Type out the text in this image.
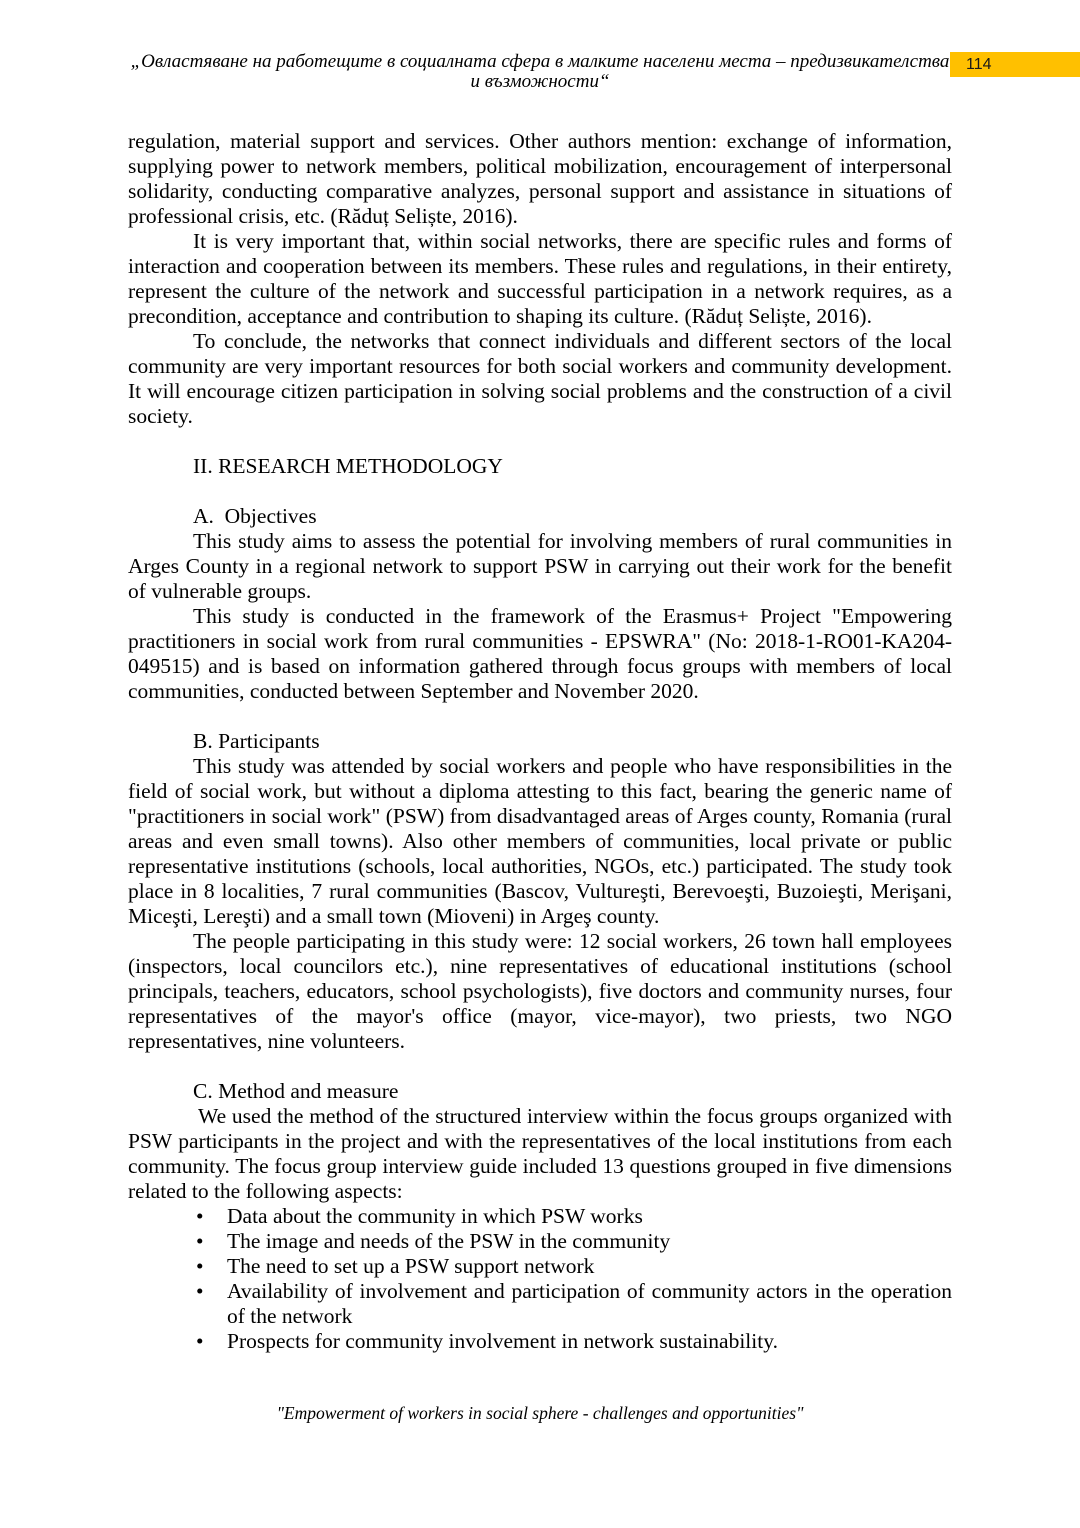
„Овластяване на работещите в социалната сфера в малките населени места – предизвикателства
и възможности“
114
regulation, material support and services. Other authors mention: exchange of information,
supplying power to network members, political mobilization, encouragement of interpersonal
solidarity, conducting comparative analyzes, personal support and assistance in situations of
professional crisis, etc. (Răduț Seliște, 2016).
It is very important that, within social networks, there are specific rules and forms of
interaction and cooperation between its members. These rules and regulations, in their entirety,
represent the culture of the network and successful participation in a network requires, as a
precondition, acceptance and contribution to shaping its culture. (Răduț Seliște, 2016).
To conclude, the networks that connect individuals and different sectors of the local
community are very important resources for both social workers and community development.
It will encourage citizen participation in solving social problems and the construction of a civil
society.
II. RESEARCH METHODOLOGY
A.  Objectives
This study aims to assess the potential for involving members of rural communities in
Arges County in a regional network to support PSW in carrying out their work for the benefit
of vulnerable groups.
This study is conducted in the framework of the Erasmus+ Project "Empowering
practitioners in social work from rural communities - EPSWRA" (No: 2018-1-RO01-KA204-
049515) and is based on information gathered through focus groups with members of local
communities, conducted between September and November 2020.
B. Participants
This study was attended by social workers and people who have responsibilities in the
field of social work, but without a diploma attesting to this fact, bearing the generic name of
"practitioners in social work" (PSW) from disadvantaged areas of Arges county, Romania (rural
areas and even small towns). Also other members of communities, local private or public
representative institutions (schools, local authorities, NGOs, etc.) participated. The study took
place in 8 localities, 7 rural communities (Bascov, Vultureşti, Berevoeşti, Buzoieşti, Merişani,
Miceşti, Lereşti) and a small town (Mioveni) in Argeş county.
The people participating in this study were: 12 social workers, 26 town hall employees
(inspectors, local councilors etc.), nine representatives of educational institutions (school
principals, teachers, educators, school psychologists), five doctors and community nurses, four
representatives of the mayor's office (mayor, vice-mayor), two priests, two NGO
representatives, nine volunteers.
C. Method and measure
We used the method of the structured interview within the focus groups organized with
PSW participants in the project and with the representatives of the local institutions from each
community. The focus group interview guide included 13 questions grouped in five dimensions
related to the following aspects:
• Data about the community in which PSW works
• The image and needs of the PSW in the community
• The need to set up a PSW support network
• Availability of involvement and participation of community actors in the operation
of the network
• Prospects for community involvement in network sustainability.
"Empowerment of workers in social sphere - challenges and opportunities"
